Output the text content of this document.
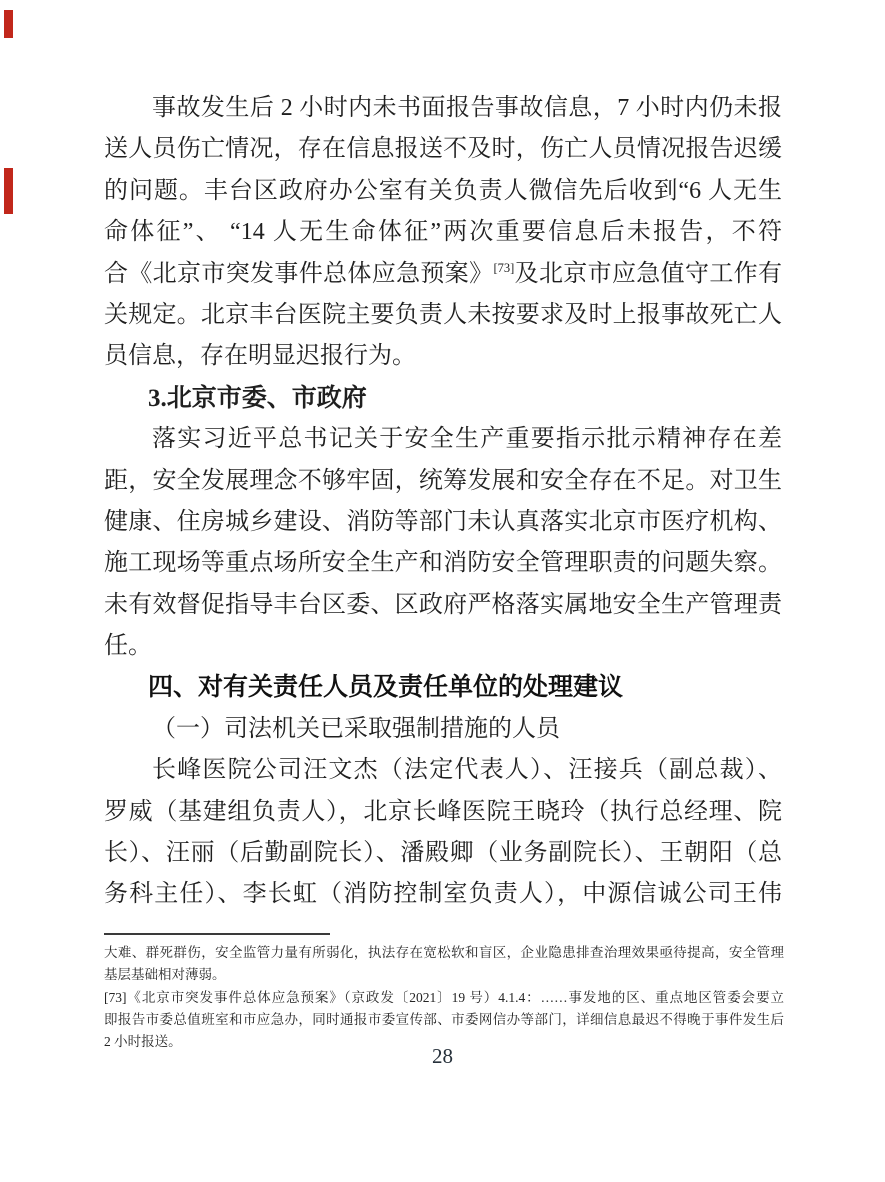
事故发生后 2 小时内未书面报告事故信息，7 小时内仍未报
送人员伤亡情况，存在信息报送不及时，伤亡人员情况报告迟缓
的问题。丰台区政府办公室有关负责人微信先后收到“6 人无生
命体征”、 “14 人无生命体征”两次重要信息后未报告，不符
合《北京市突发事件总体应急预案》[73]及北京市应急值守工作有
关规定。北京丰台医院主要负责人未按要求及时上报事故死亡人
员信息，存在明显迟报行为。
3.北京市委、市政府
落实习近平总书记关于安全生产重要指示批示精神存在差
距，安全发展理念不够牢固，统筹发展和安全存在不足。对卫生
健康、住房城乡建设、消防等部门未认真落实北京市医疗机构、
施工现场等重点场所安全生产和消防安全管理职责的问题失察。
未有效督促指导丰台区委、区政府严格落实属地安全生产管理责
任。
四、对有关责任人员及责任单位的处理建议
（一）司法机关已采取强制措施的人员
长峰医院公司汪文杰（法定代表人）、汪接兵（副总裁）、
罗威（基建组负责人），北京长峰医院王晓玲（执行总经理、院
长）、汪丽（后勤副院长）、潘殿卿（业务副院长）、王朝阳（总
务科主任）、李长虹（消防控制室负责人），中源信诚公司王伟
大难、群死群伤，安全监管力量有所弱化，执法存在宽松软和盲区，企业隐患排查治理效果亟待提高，安全管理
基层基础相对薄弱。
[73]《北京市突发事件总体应急预案》（京政发〔2021〕19 号）4.1.4：……事发地的区、重点地区管委会要立
即报告市委总值班室和市应急办，同时通报市委宣传部、市委网信办等部门，详细信息最迟不得晚于事件发生后
2 小时报送。
28
